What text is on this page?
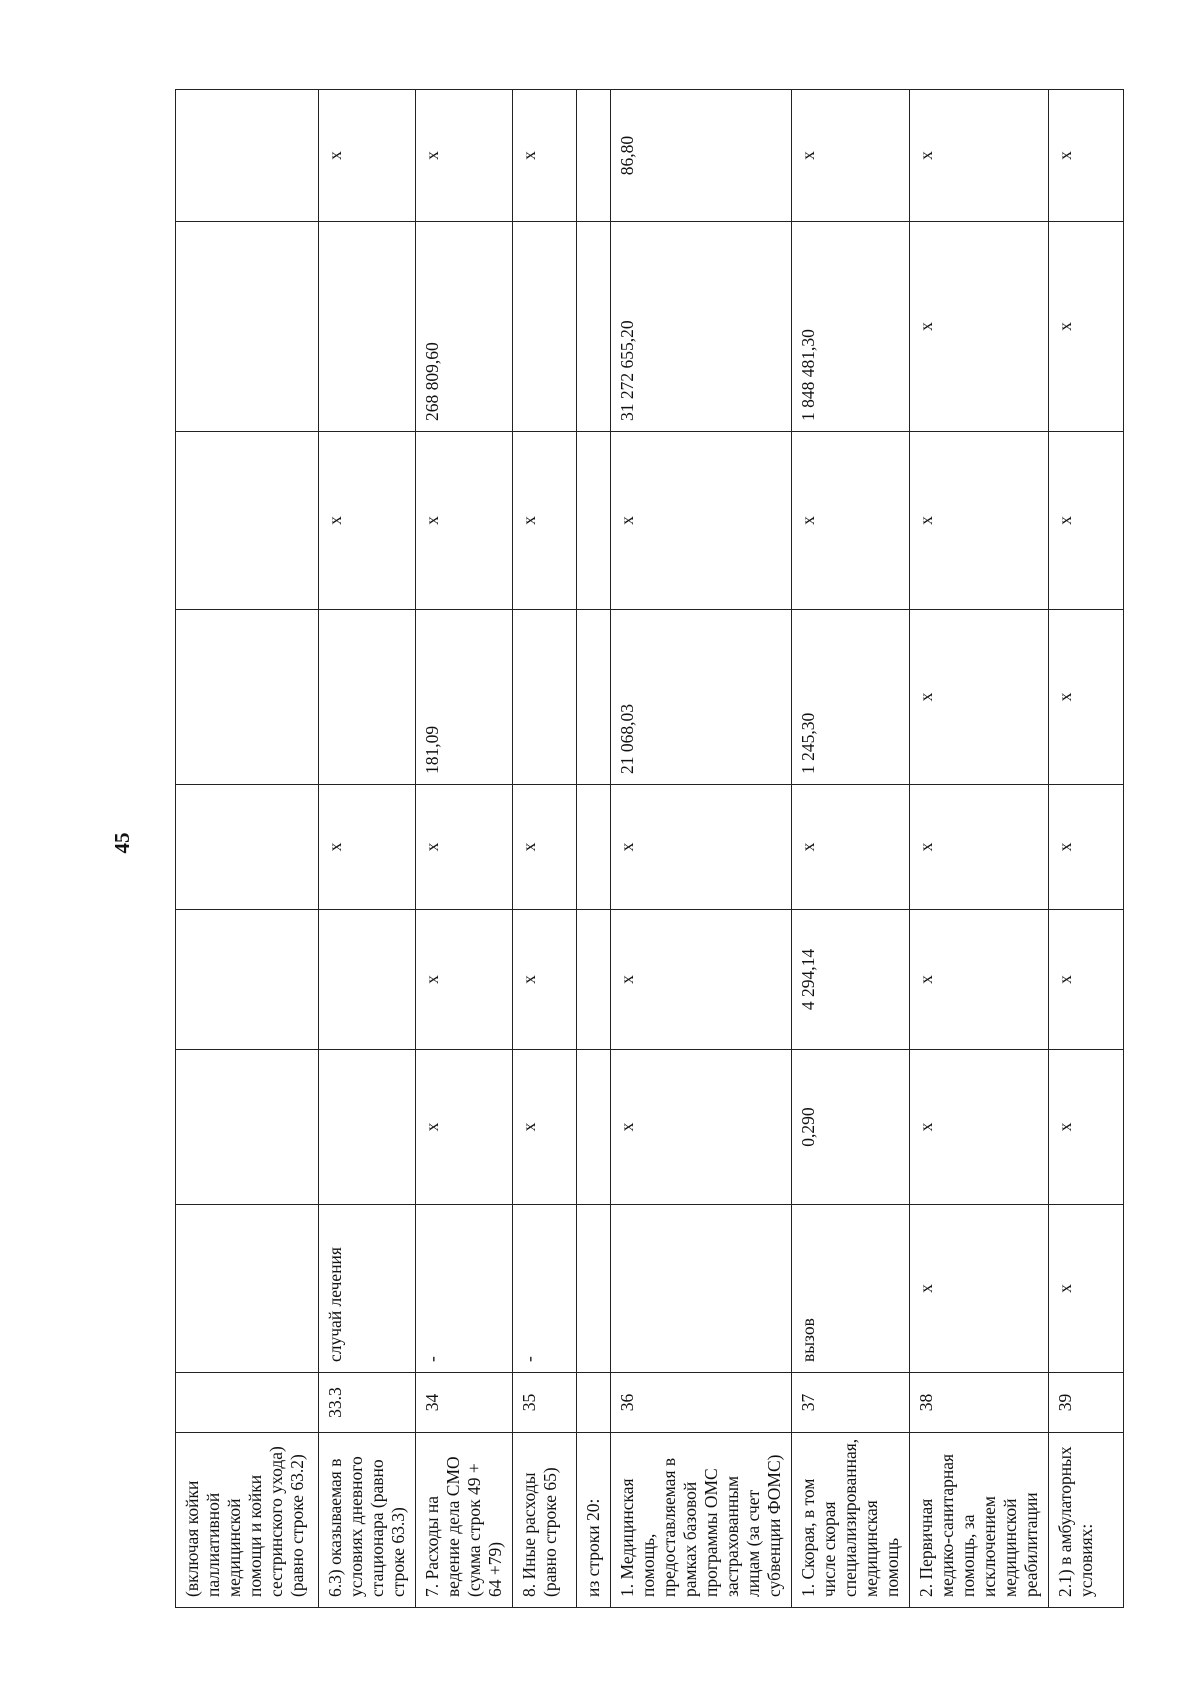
45
(включая койки паллиативной медицинской помощи и койки сестринского ухода) (равно строке 63.2)									
6.3) оказываемая в условиях дневного стационара (равно строке 63.3)	33.3	случай лечения			х		х		х
7. Расходы на ведение дела СМО (сумма строк 49 + 64 +79)	34	-	х	х	х	181,09	х	268 809,60	х
8. Иные расходы (равно строке 65)	35	-	х	х	х		х		х
из строки 20:									
1. Медицинская помощь, предоставляемая в рамках базовой программы ОМС застрахованным лицам (за счет субвенции ФОМС)	36		х	х	х	21 068,03	х	31 272 655,20	86,80
1. Скорая, в том числе скорая специализированная, медицинская помощь	37	вызов	0,290	4 294,14	х	1 245,30	х	1 848 481,30	х
2. Первичная медико-санитарная помощь, за исключением медицинской реабилитации	38	х	х	х	х	х	х	х	х
2.1) в амбулаторных условиях:	39	х	х	х	х	х	х	х	х
